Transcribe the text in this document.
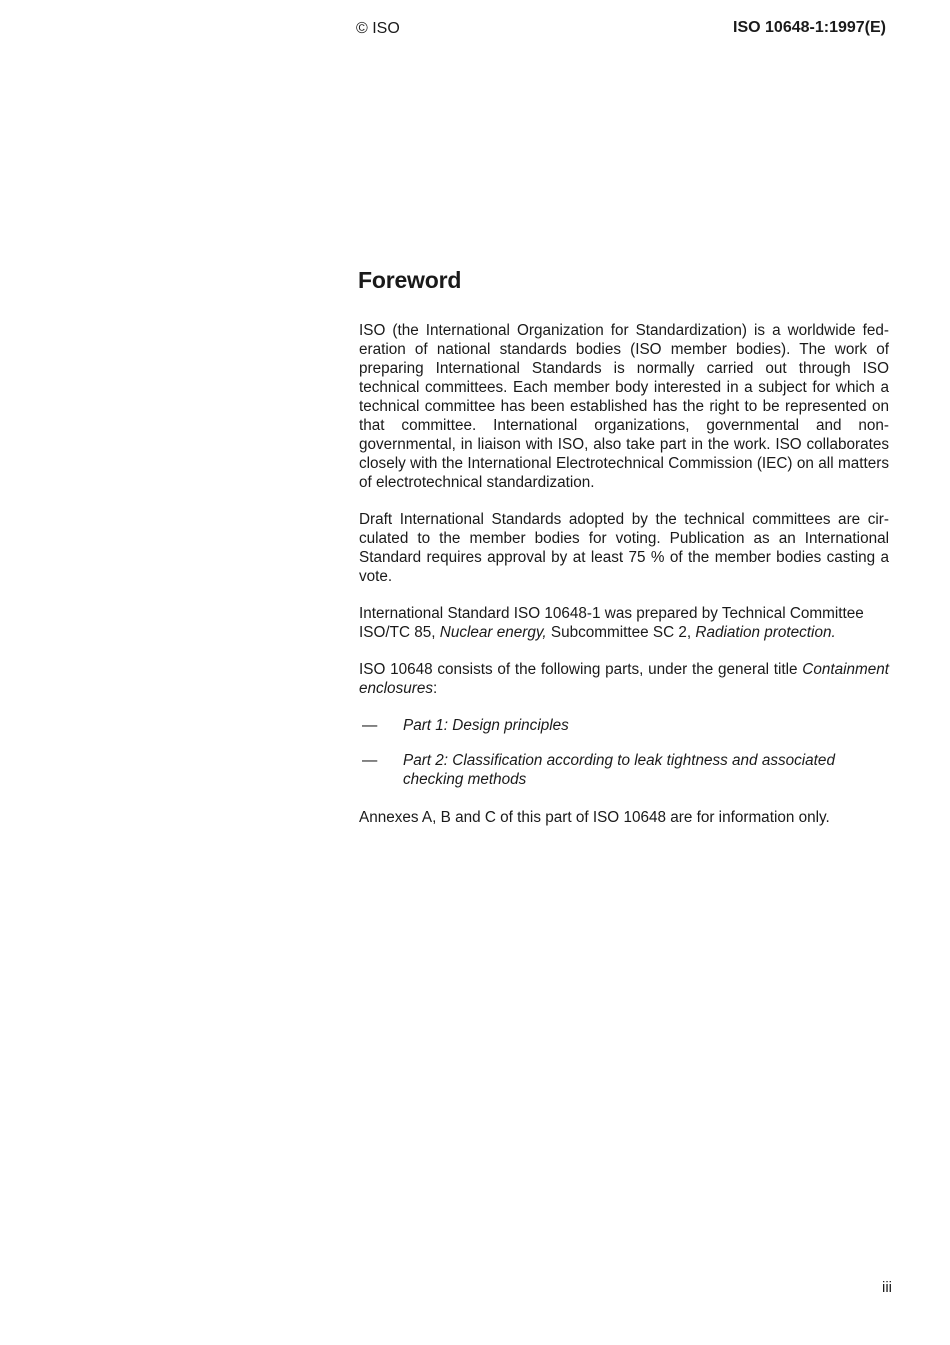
© ISO	ISO 10648-1:1997(E)
Foreword

ISO (the International Organization for Standardization) is a worldwide fed-eration of national standards bodies (ISO member bodies). The work of preparing International Standards is normally carried out through ISO technical committees. Each member body interested in a subject for which a technical committee has been established has the right to be represented on that committee. International organizations, governmental and non-governmental, in liaison with ISO, also take part in the work. ISO collaborates closely with the International Electrotechnical Commission (IEC) on all matters of electrotechnical standardization.

Draft International Standards adopted by the technical committees are cir-culated to the member bodies for voting. Publication as an International Standard requires approval by at least 75 % of the member bodies casting a vote.

International Standard ISO 10648-1 was prepared by Technical Committee ISO/TC 85, Nuclear energy, Subcommittee SC 2, Radiation protection.

ISO 10648 consists of the following parts, under the general title Containment enclosures:

—	Part 1: Design principles
—	Part 2: Classification according to leak tightness and associated checking methods

Annexes A, B and C of this part of ISO 10648 are for information only.

iii
